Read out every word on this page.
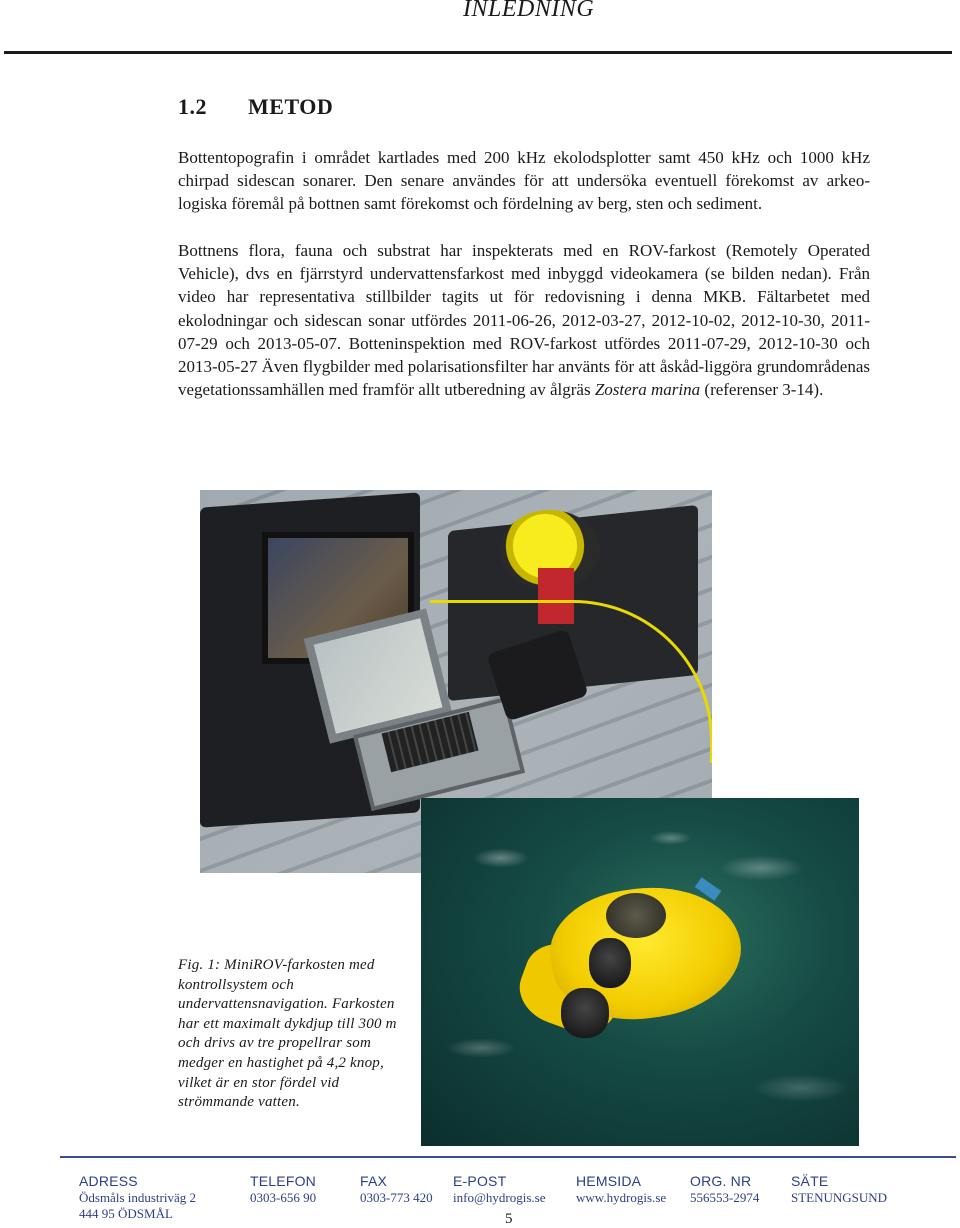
INLEDNING
1.2 METOD

Bottentopografin i området kartlades med 200 kHz ekolodsplotter samt 450 kHz och 1000 kHz chirpad sidescan sonarer. Den senare användes för att undersöka eventuell förekomst av arkeo-logiska föremål på bottnen samt förekomst och fördelning av berg, sten och sediment.

Bottnens flora, fauna och substrat har inspekterats med en ROV-farkost (Remotely Operated Vehicle), dvs en fjärrstyrd undervattensfarkost med inbyggd videokamera (se bilden nedan). Från video har representativa stillbilder tagits ut för redovisning i denna MKB. Fältarbetet med ekolodningar och sidescan sonar utfördes 2011-06-26, 2012-03-27, 2012-10-02, 2012-10-30, 2011-07-29 och 2013-05-07. Botteninspektion med ROV-farkost utfördes 2011-07-29, 2012-10-30 och 2013-05-27 Även flygbilder med polarisationsfilter har använts för att åskåd-liggöra grundområdenas vegetationssamhällen med framför allt utberedning av ålgräs Zostera marina (referenser 3-14).

Fig. 1: MiniROV-farkosten med kontrollsystem och undervattensnavigation. Farkosten har ett maximalt dykdjup till 300 m och drivs av tre propellrar som medger en hastighet på 4,2 knop, vilket är en stor fördel vid strömmande vatten.
ADRESS
Ödsmåls industriväg 2
444 95 ÖDSMÅL
TELEFON
0303-656 90
FAX
0303-773 420
E-POST
info@hydrogis.se
HEMSIDA
www.hydrogis.se
ORG. NR
556553-2974
SÄTE
STENUNGSUND
5
